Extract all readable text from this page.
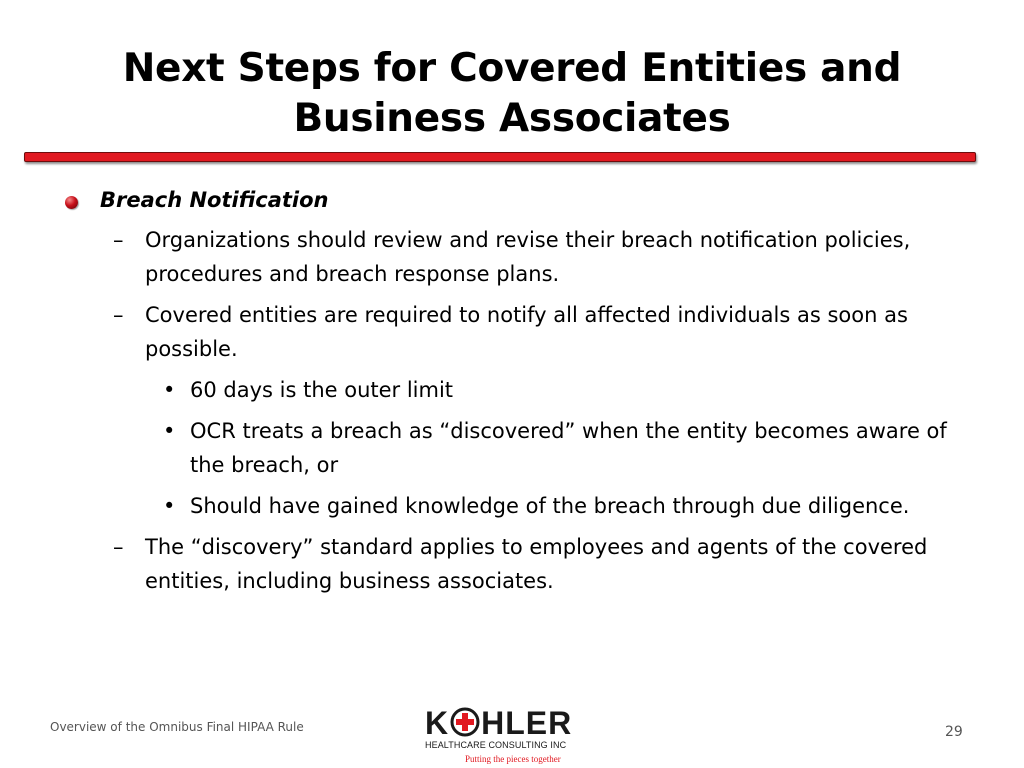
Next Steps for Covered Entities and Business Associates
Breach Notification
– Organizations should review and revise their breach notification policies, procedures and breach response plans.
– Covered entities are required to notify all affected individuals as soon as possible.
• 60 days is the outer limit
• OCR treats a breach as “discovered” when the entity becomes aware of the breach, or
• Should have gained knowledge of the breach through due diligence.
– The “discovery” standard applies to employees and agents of the covered entities, including business associates.
Overview of the Omnibus Final HIPAA Rule	K HLER
HEALTHCARE CONSULTING INC
Putting the pieces together
29
